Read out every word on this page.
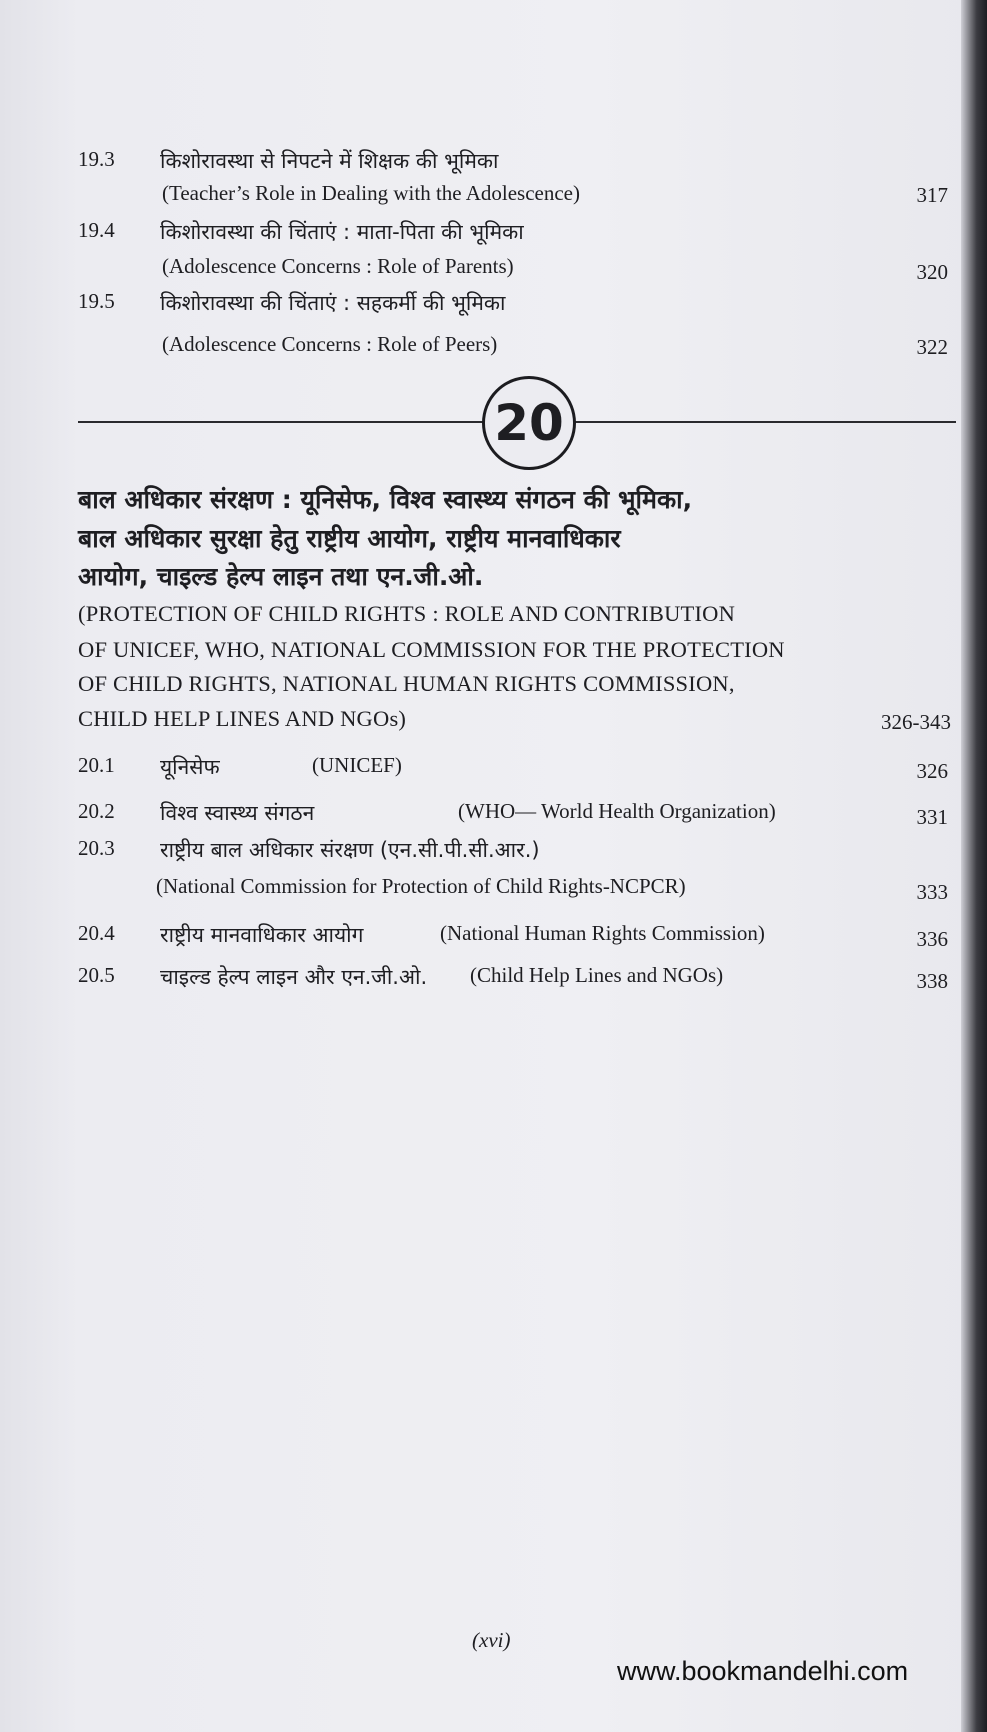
19.3	किशोरावस्था से निपटने में शिक्षक की भूमिका
(Teacher’s Role in Dealing with the Adolescence)	317
19.4	किशोरावस्था की चिंताएं : माता-पिता की भूमिका
(Adolescence Concerns : Role of Parents)	320
19.5	किशोरावस्था की चिंताएं : सहकर्मी की भूमिका
(Adolescence Concerns : Role of Peers)	322
20
बाल अधिकार संरक्षण : यूनिसेफ, विश्व स्वास्थ्य संगठन की भूमिका,
बाल अधिकार सुरक्षा हेतु राष्ट्रीय आयोग, राष्ट्रीय मानवाधिकार
आयोग, चाइल्ड हेल्प लाइन तथा एन.जी.ओ.
(PROTECTION OF CHILD RIGHTS : ROLE AND CONTRIBUTION
OF UNICEF, WHO, NATIONAL COMMISSION FOR THE PROTECTION
OF CHILD RIGHTS, NATIONAL HUMAN RIGHTS COMMISSION,
CHILD HELP LINES AND NGOs)	326-343
20.1	यूनिसेफ	(UNICEF)	326
20.2	विश्व स्वास्थ्य संगठन	(WHO— World Health Organization)	331
20.3	राष्ट्रीय बाल अधिकार संरक्षण (एन.सी.पी.सी.आर.)
(National Commission for Protection of Child Rights-NCPCR)	333
20.4	राष्ट्रीय मानवाधिकार आयोग	(National Human Rights Commission)	336
20.5	चाइल्ड हेल्प लाइन और एन.जी.ओ. (Child Help Lines and NGOs)	338
(xvi)
www.bookmandelhi.com
